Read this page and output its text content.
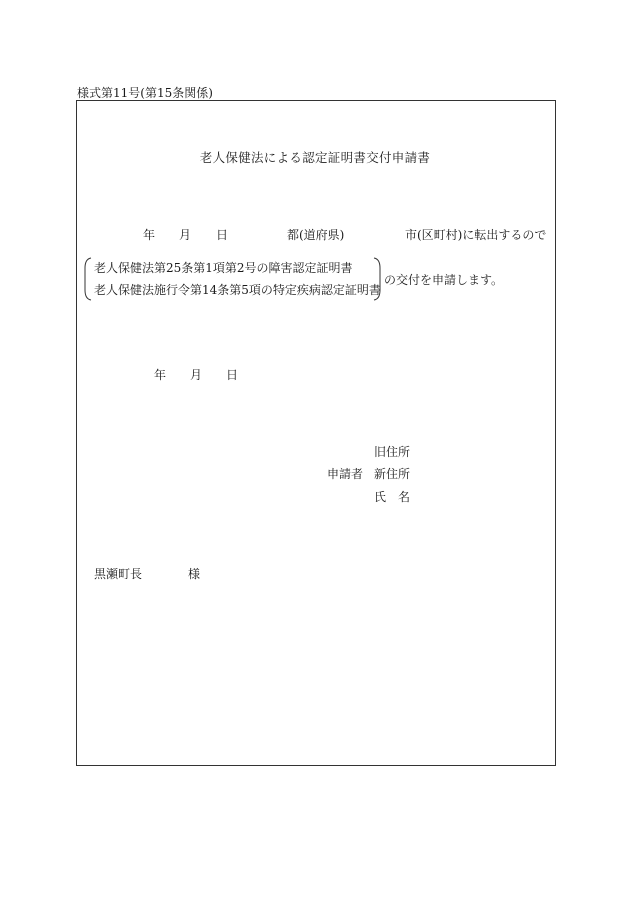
様式第11号(第15条関係)
老人保健法による認定証明書交付申請書
年 月 日	都(道府県)	市(区町村)に転出するので
老人保健法第25条第1項第2号の障害認定証明書
老人保健法施行令第14条第5項の特定疾病認定証明書
の交付を申請します。
年 月 日
旧住所
申請者 新住所
氏　名
黒瀬町長	様
